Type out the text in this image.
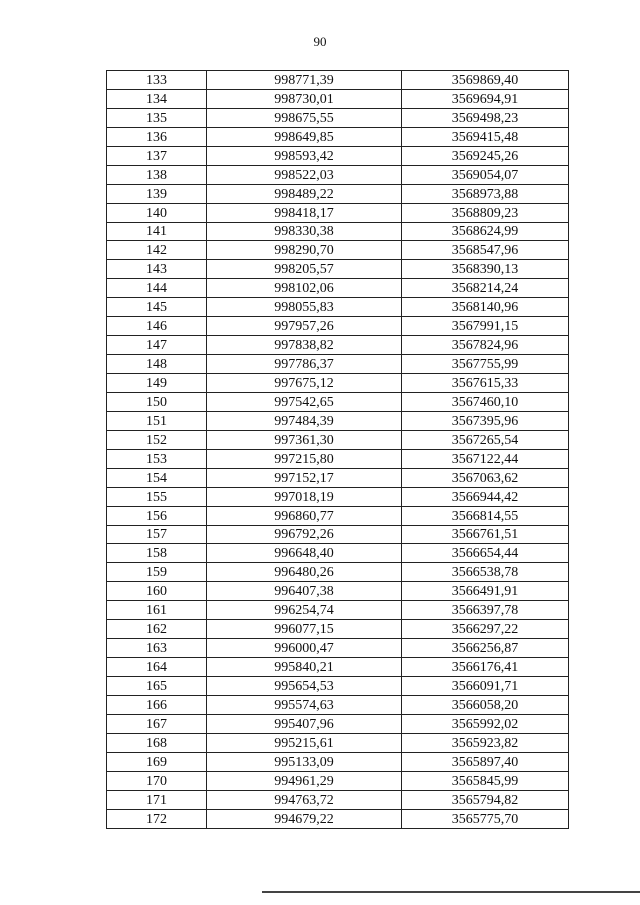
90
133	998771,39	3569869,40
134	998730,01	3569694,91
135	998675,55	3569498,23
136	998649,85	3569415,48
137	998593,42	3569245,26
138	998522,03	3569054,07
139	998489,22	3568973,88
140	998418,17	3568809,23
141	998330,38	3568624,99
142	998290,70	3568547,96
143	998205,57	3568390,13
144	998102,06	3568214,24
145	998055,83	3568140,96
146	997957,26	3567991,15
147	997838,82	3567824,96
148	997786,37	3567755,99
149	997675,12	3567615,33
150	997542,65	3567460,10
151	997484,39	3567395,96
152	997361,30	3567265,54
153	997215,80	3567122,44
154	997152,17	3567063,62
155	997018,19	3566944,42
156	996860,77	3566814,55
157	996792,26	3566761,51
158	996648,40	3566654,44
159	996480,26	3566538,78
160	996407,38	3566491,91
161	996254,74	3566397,78
162	996077,15	3566297,22
163	996000,47	3566256,87
164	995840,21	3566176,41
165	995654,53	3566091,71
166	995574,63	3566058,20
167	995407,96	3565992,02
168	995215,61	3565923,82
169	995133,09	3565897,40
170	994961,29	3565845,99
171	994763,72	3565794,82
172	994679,22	3565775,70
